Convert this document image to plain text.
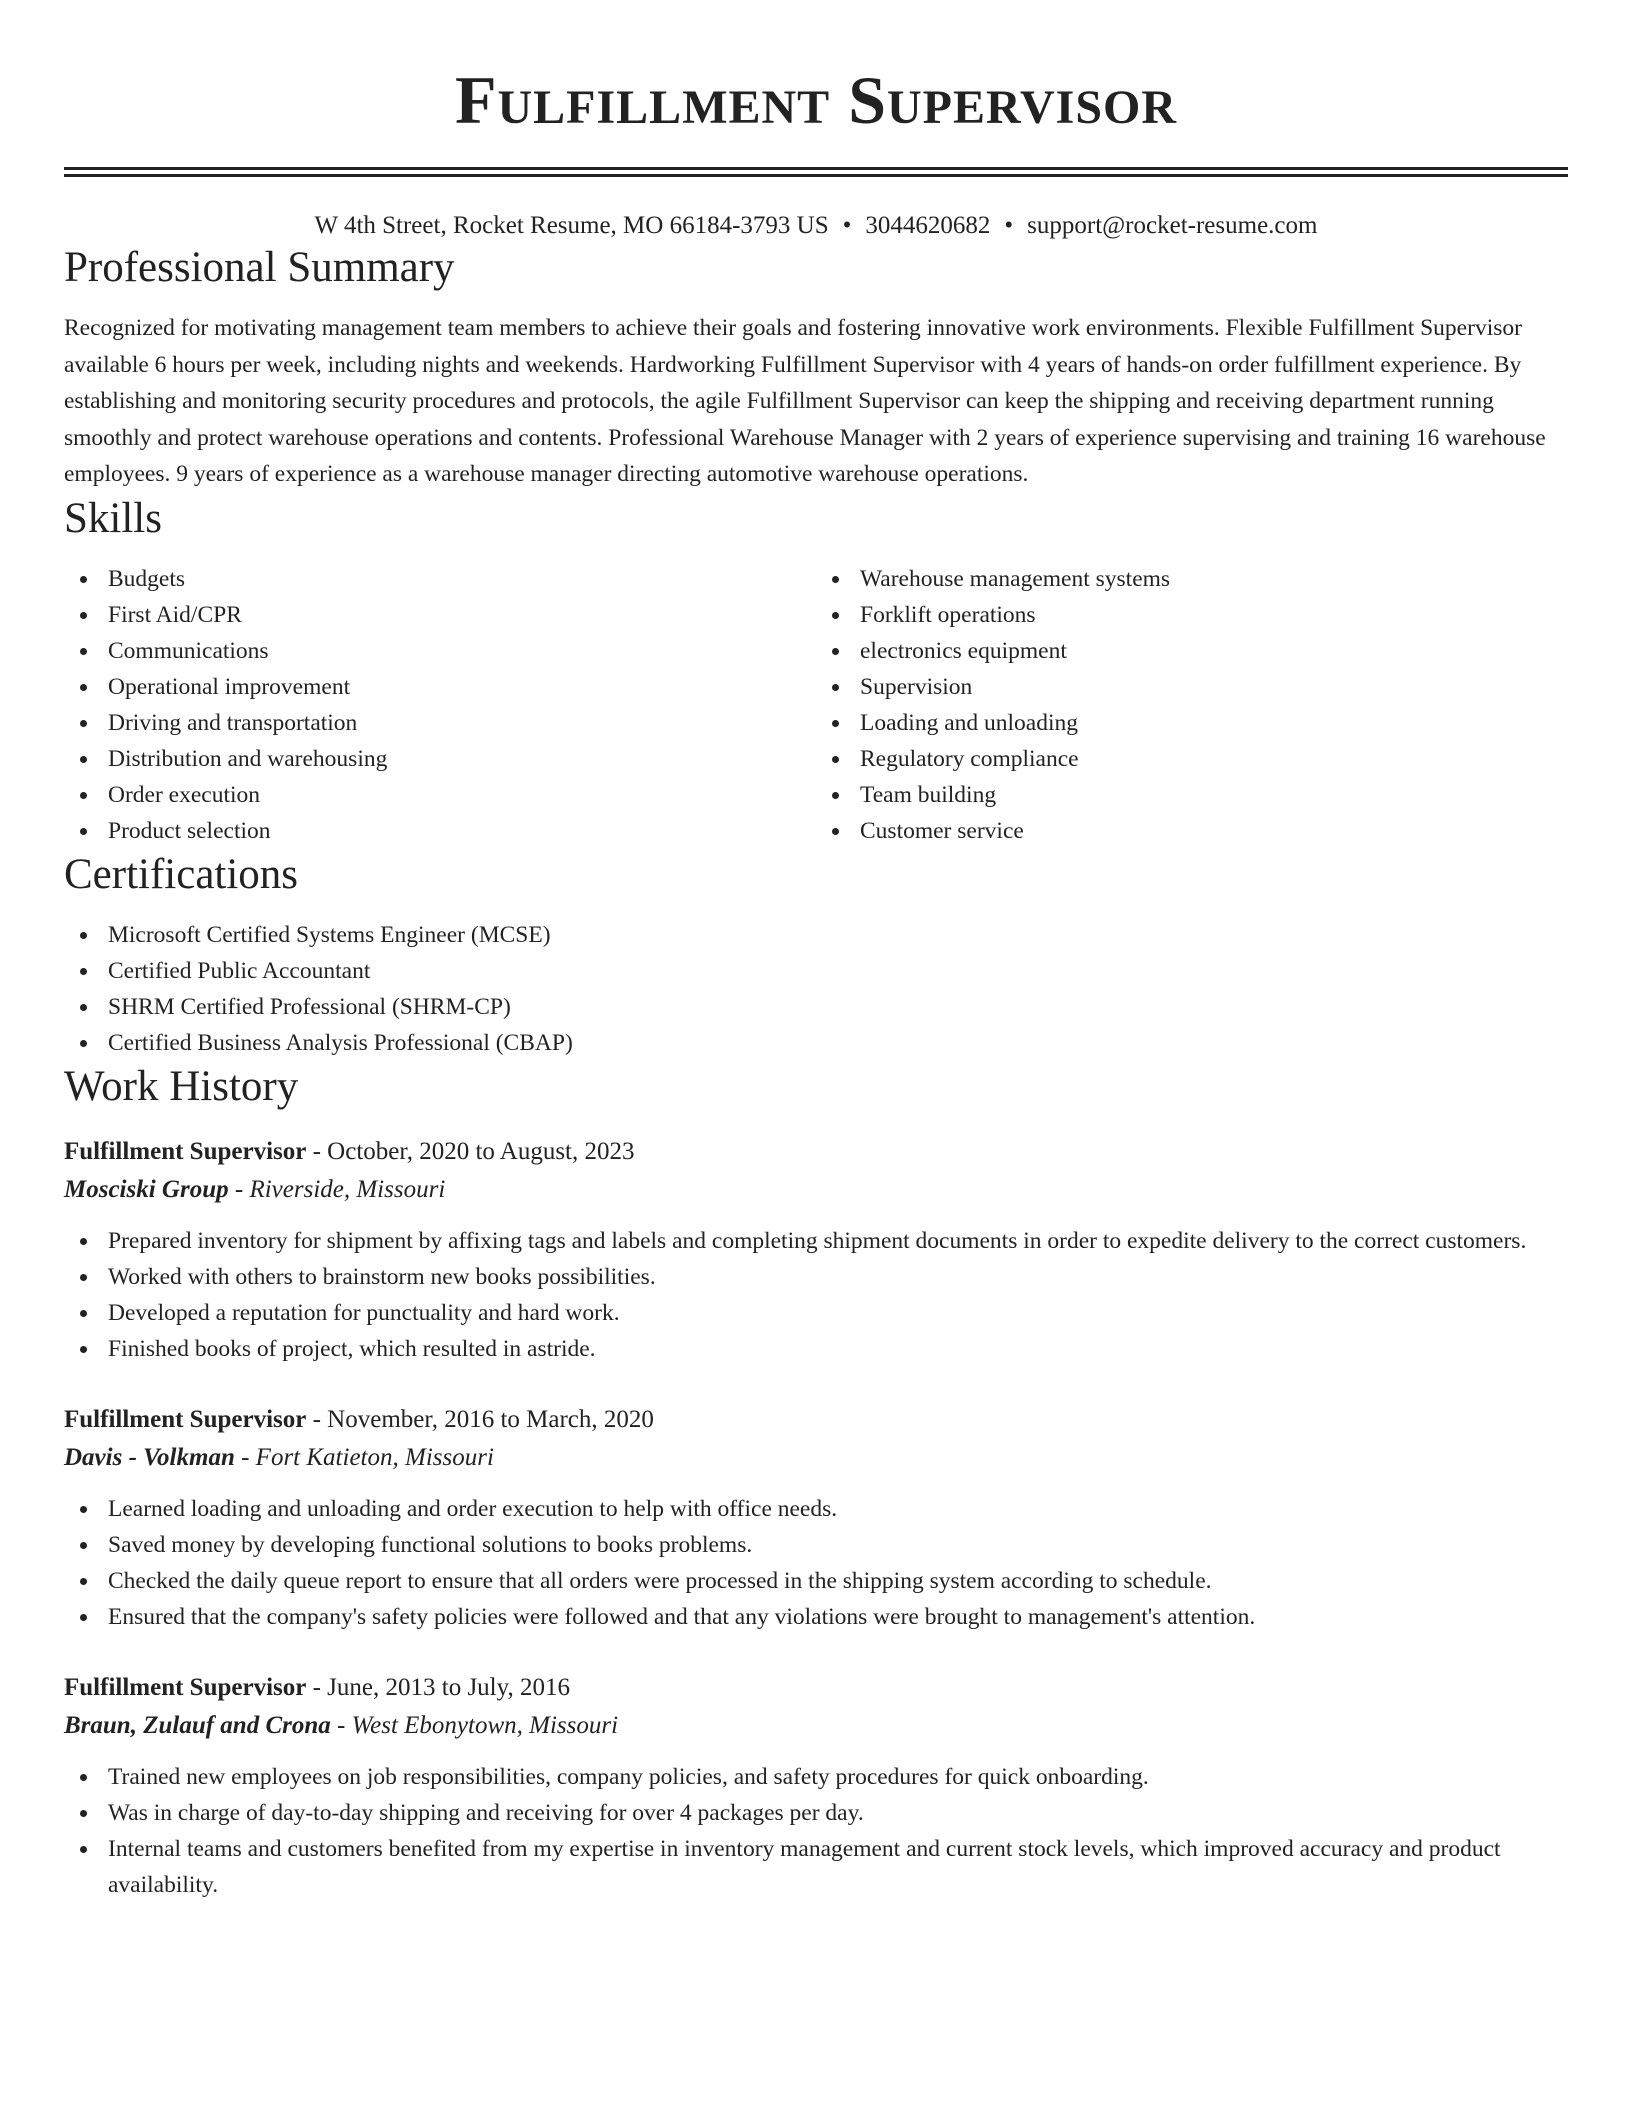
Fulfillment Supervisor
W 4th Street, Rocket Resume, MO 66184-3793 US • 3044620682 • support@rocket-resume.com
Professional Summary
Recognized for motivating management team members to achieve their goals and fostering innovative work environments. Flexible Fulfillment Supervisor available 6 hours per week, including nights and weekends. Hardworking Fulfillment Supervisor with 4 years of hands-on order fulfillment experience. By establishing and monitoring security procedures and protocols, the agile Fulfillment Supervisor can keep the shipping and receiving department running smoothly and protect warehouse operations and contents. Professional Warehouse Manager with 2 years of experience supervising and training 16 warehouse employees. 9 years of experience as a warehouse manager directing automotive warehouse operations.
Skills
Budgets
First Aid/CPR
Communications
Operational improvement
Driving and transportation
Distribution and warehousing
Order execution
Product selection
Warehouse management systems
Forklift operations
electronics equipment
Supervision
Loading and unloading
Regulatory compliance
Team building
Customer service
Certifications
Microsoft Certified Systems Engineer (MCSE)
Certified Public Accountant
SHRM Certified Professional (SHRM-CP)
Certified Business Analysis Professional (CBAP)
Work History
Fulfillment Supervisor - October, 2020 to August, 2023
Mosciski Group - Riverside, Missouri
Prepared inventory for shipment by affixing tags and labels and completing shipment documents in order to expedite delivery to the correct customers.
Worked with others to brainstorm new books possibilities.
Developed a reputation for punctuality and hard work.
Finished books of project, which resulted in astride.
Fulfillment Supervisor - November, 2016 to March, 2020
Davis - Volkman - Fort Katieton, Missouri
Learned loading and unloading and order execution to help with office needs.
Saved money by developing functional solutions to books problems.
Checked the daily queue report to ensure that all orders were processed in the shipping system according to schedule.
Ensured that the company's safety policies were followed and that any violations were brought to management's attention.
Fulfillment Supervisor - June, 2013 to July, 2016
Braun, Zulauf and Crona - West Ebonytown, Missouri
Trained new employees on job responsibilities, company policies, and safety procedures for quick onboarding.
Was in charge of day-to-day shipping and receiving for over 4 packages per day.
Internal teams and customers benefited from my expertise in inventory management and current stock levels, which improved accuracy and product availability.
